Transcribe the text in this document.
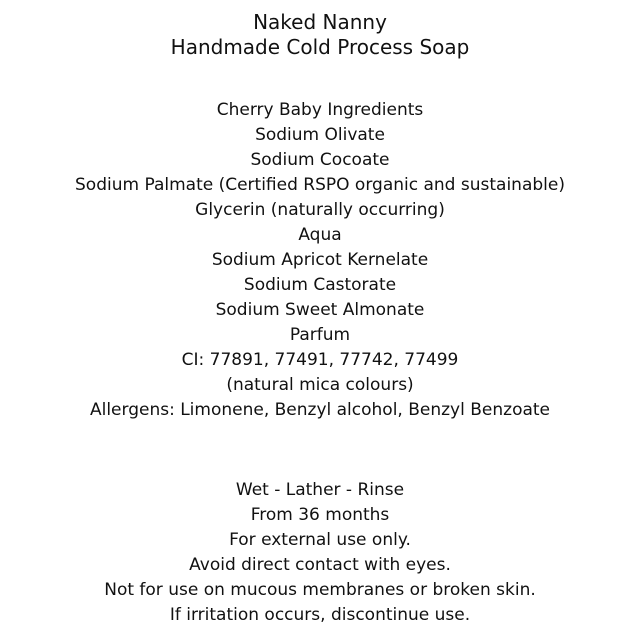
Naked Nanny
Handmade Cold Process Soap
Cherry Baby Ingredients
Sodium Olivate
Sodium Cocoate
Sodium Palmate (Certified RSPO organic and sustainable)
Glycerin (naturally occurring)
Aqua
Sodium Apricot Kernelate
Sodium Castorate
Sodium Sweet Almonate
Parfum
CI: 77891, 77491, 77742, 77499
(natural mica colours)
Allergens: Limonene, Benzyl alcohol, Benzyl Benzoate
Wet - Lather - Rinse
From 36 months
For external use only.
Avoid direct contact with eyes.
Not for use on mucous membranes or broken skin.
If irritation occurs, discontinue use.
